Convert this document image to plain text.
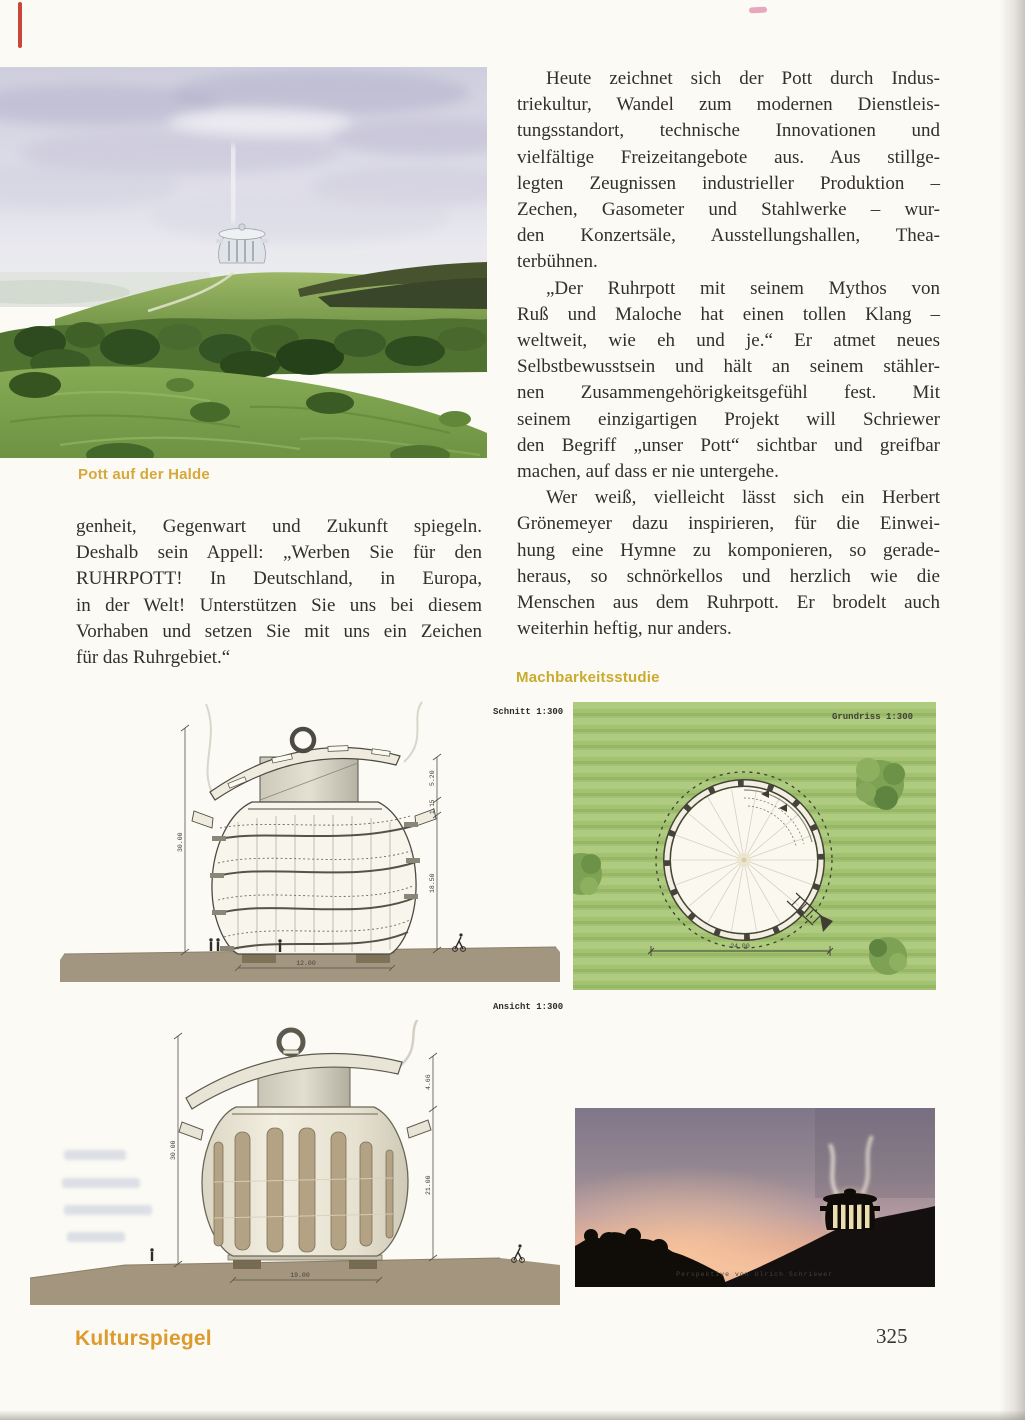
Pott auf der Halde
genheit, Gegenwart und Zukunft spiegeln.
Deshalb sein Appell: „Werben Sie für den
RUHRPOTT! In Deutschland, in Europa,
in der Welt! Unterstützen Sie uns bei diesem
Vorhaben und setzen Sie mit uns ein Zeichen
für das Ruhrgebiet.“
Heute zeichnet sich der Pott durch Indus-
triekultur, Wandel zum modernen Dienstleis-
tungsstandort, technische Innovationen und
vielfältige Freizeitangebote aus. Aus stillge-
legten Zeugnissen industrieller Produktion –
Zechen, Gasometer und Stahlwerke – wur-
den Konzertsäle, Ausstellungshallen, Thea-
terbühnen.
„Der Ruhrpott mit seinem Mythos von
Ruß und Maloche hat einen tollen Klang –
weltweit, wie eh und je.“ Er atmet neues
Selbstbewusstsein und hält an seinem stähler-
nen Zusammengehörigkeitsgefühl fest. Mit
seinem einzigartigen Projekt will Schriewer
den Begriff „unser Pott“ sichtbar und greifbar
machen, auf dass er nie untergehe.
Wer weiß, vielleicht lässt sich ein Herbert
Grönemeyer dazu inspirieren, für die Einwei-
hung eine Hymne zu komponieren, so gerade-
heraus, so schnörkellos und herzlich wie die
Menschen aus dem Ruhrpott. Er brodelt auch
weiterhin heftig, nur anders.
Machbarkeitsstudie
Schnitt 1:300
Ansicht 1:300
30.00
5.20
1.15
18.50
12.00
24.00
Grundriss 1:300
30.00
4.66
21.00
19.00	Perspektive von Ulrich Schriewer
Kulturspiegel	325
